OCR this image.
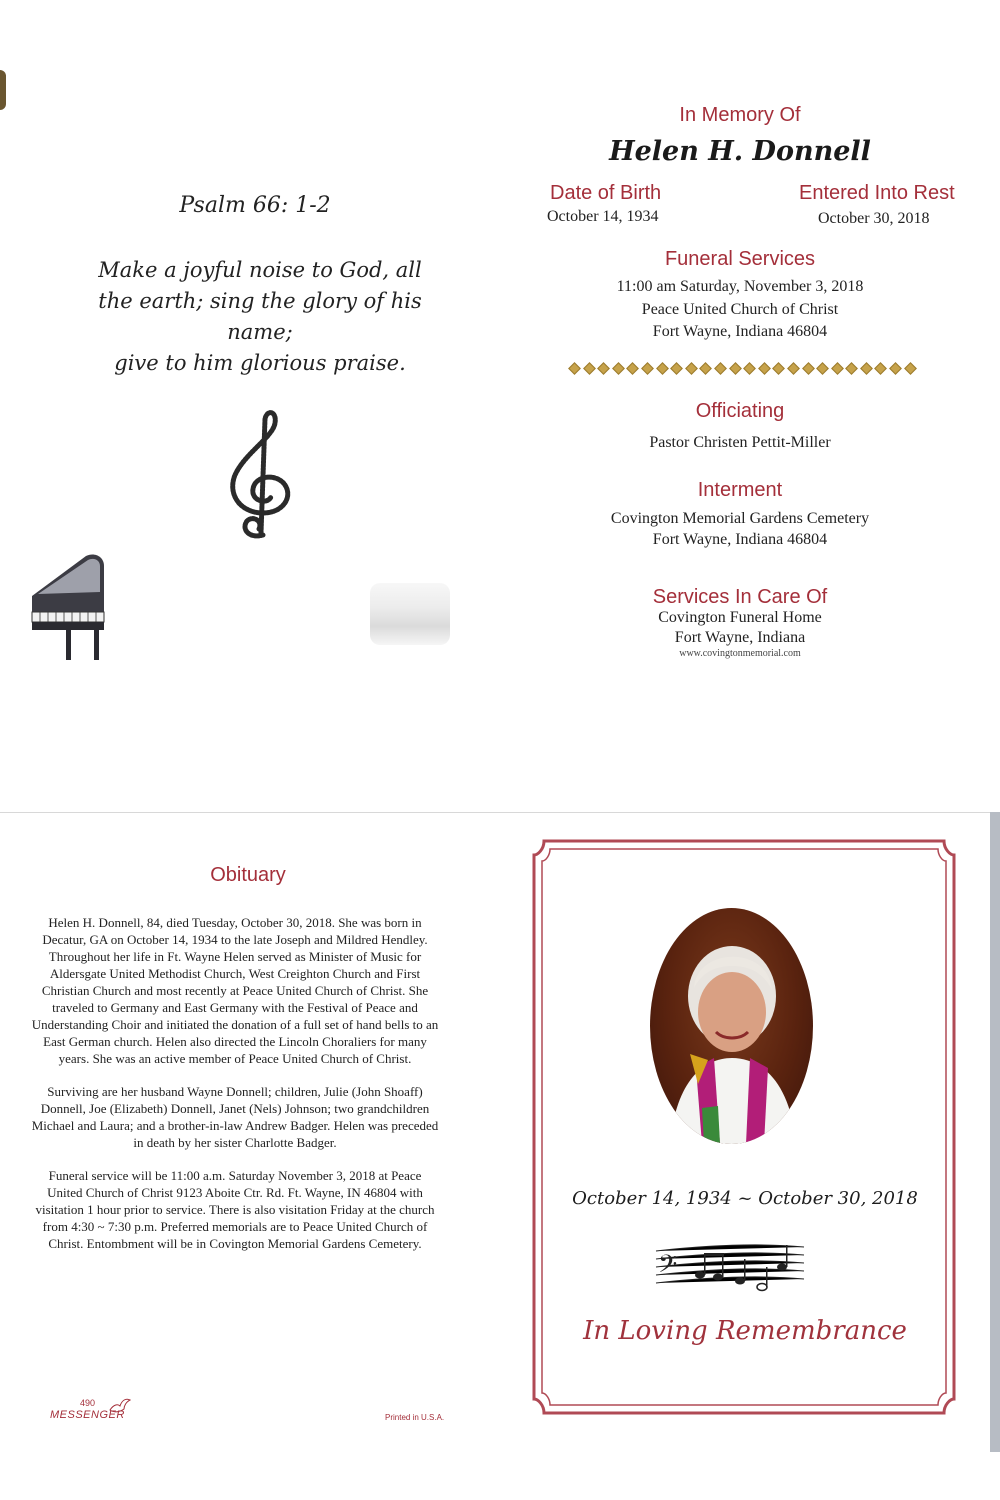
Psalm 66: 1-2
Make a joyful noise to God, all
the earth; sing the glory of his name;
give to him glorious praise.
In Memory Of
Helen H. Donnell
Date of Birth
October 14, 1934
Entered Into Rest
October 30, 2018
Funeral Services
11:00 am Saturday, November 3, 2018
Peace United Church of Christ
Fort Wayne, Indiana 46804
Officiating
Pastor Christen Pettit-Miller
Interment
Covington Memorial Gardens Cemetery
Fort Wayne, Indiana 46804
Services In Care Of
Covington Funeral Home
Fort Wayne, Indiana
www.covingtonmemorial.com
Obituary

Helen H. Donnell, 84, died Tuesday, October 30, 2018. She was born in Decatur, GA on October 14, 1934 to the late Joseph and Mildred Hendley. Throughout her life in Ft. Wayne Helen served as Minister of Music for Aldersgate United Methodist Church, West Creighton Church and First Christian Church and most recently at Peace United Church of Christ. She traveled to Germany and East Germany with the Festival of Peace and Understanding Choir and initiated the donation of a full set of hand bells to an East German church. Helen also directed the Lincoln Choraliers for many years. She was an active member of Peace United Church of Christ.

Surviving are her husband Wayne Donnell; children, Julie (John Shoaff) Donnell, Joe (Elizabeth) Donnell, Janet (Nels) Johnson; two grandchildren Michael and Laura; and a brother-in-law Andrew Badger. Helen was preceded in death by her sister Charlotte Badger.

Funeral service will be 11:00 a.m. Saturday November 3, 2018 at Peace United Church of Christ 9123 Aboite Ctr. Rd. Ft. Wayne, IN 46804 with visitation 1 hour prior to service. There is also visitation Friday at the church from 4:30 ~ 7:30 p.m. Preferred memorials are to Peace United Church of Christ. Entombment will be in Covington Memorial Gardens Cemetery.

490
MESSENGER	Printed in U.S.A.
October 14, 1934 ~ October 30, 2018
𝄢
In Loving Remembrance
